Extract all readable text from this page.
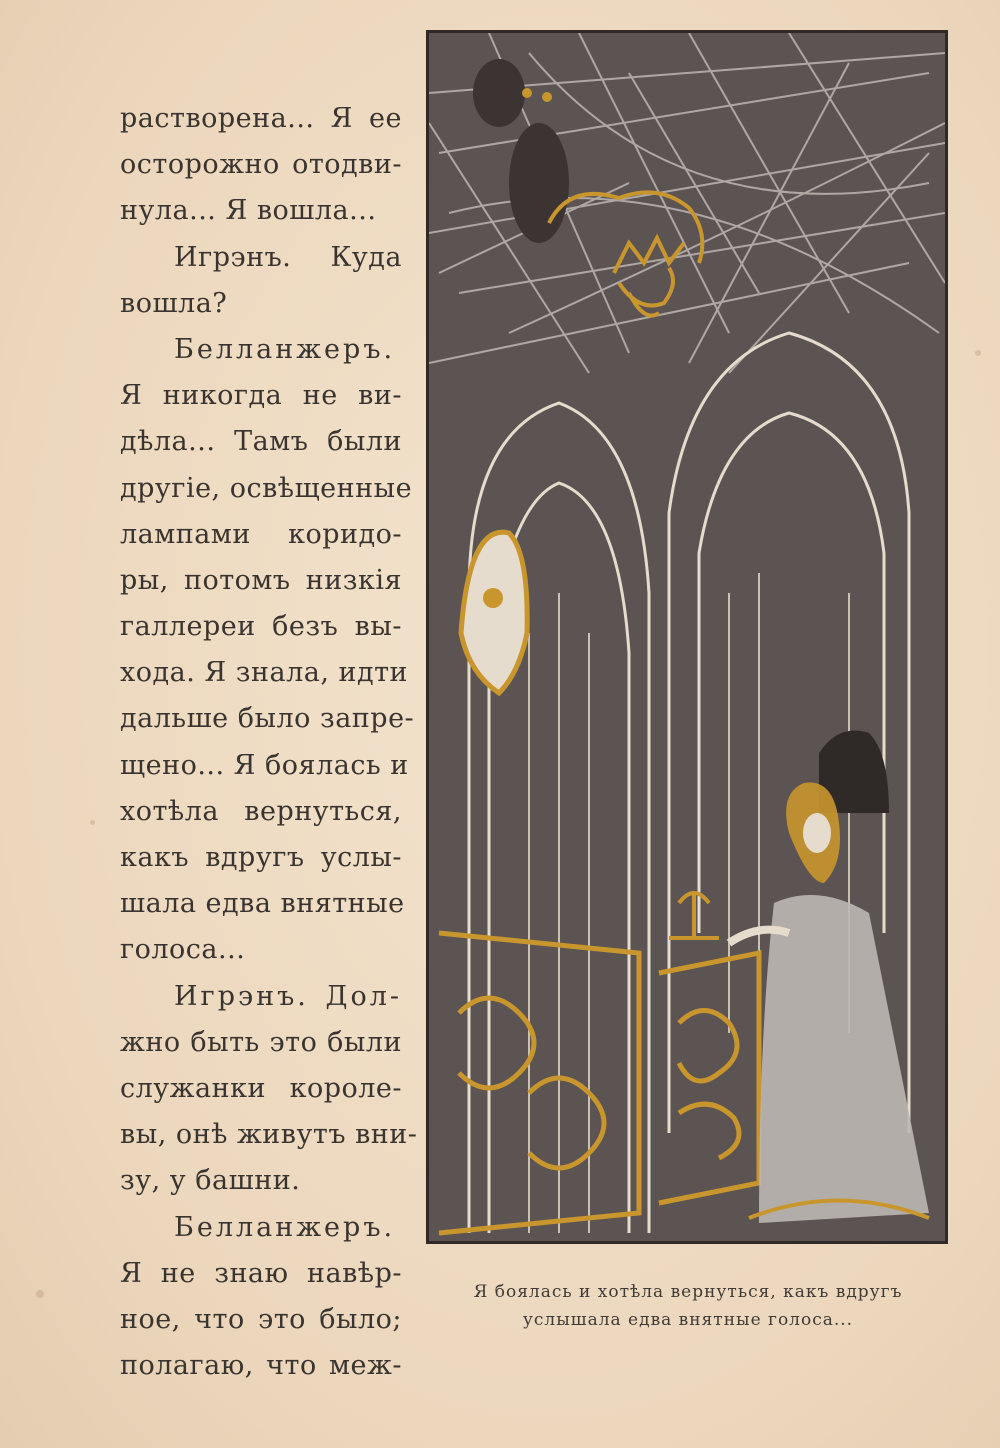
растворена... Я ее
осторожно отодви-
нула... Я вошла...
Игрэнъ. Куда
вошла?
Белланжеръ.
Я никогда не ви-
дѣла... Тамъ были
другіе, освѣщенные
лампами коридо-
ры, потомъ низкія
галлереи безъ вы-
хода. Я знала, идти
дальше было запре-
щено... Я боялась и
хотѣла вернуться,
какъ вдругъ услы-
шала едва внятные
голоса...
Игрэнъ. Дол-
жно быть это были
служанки короле-
вы, онѣ живутъ вни-
зу, у башни.
Белланжеръ.
Я не знаю навѣр-
ное, что это было;
полагаю, что меж-
Я боялась и хотѣла вернуться, какъ вдругъ
услышала едва внятные голоса...
